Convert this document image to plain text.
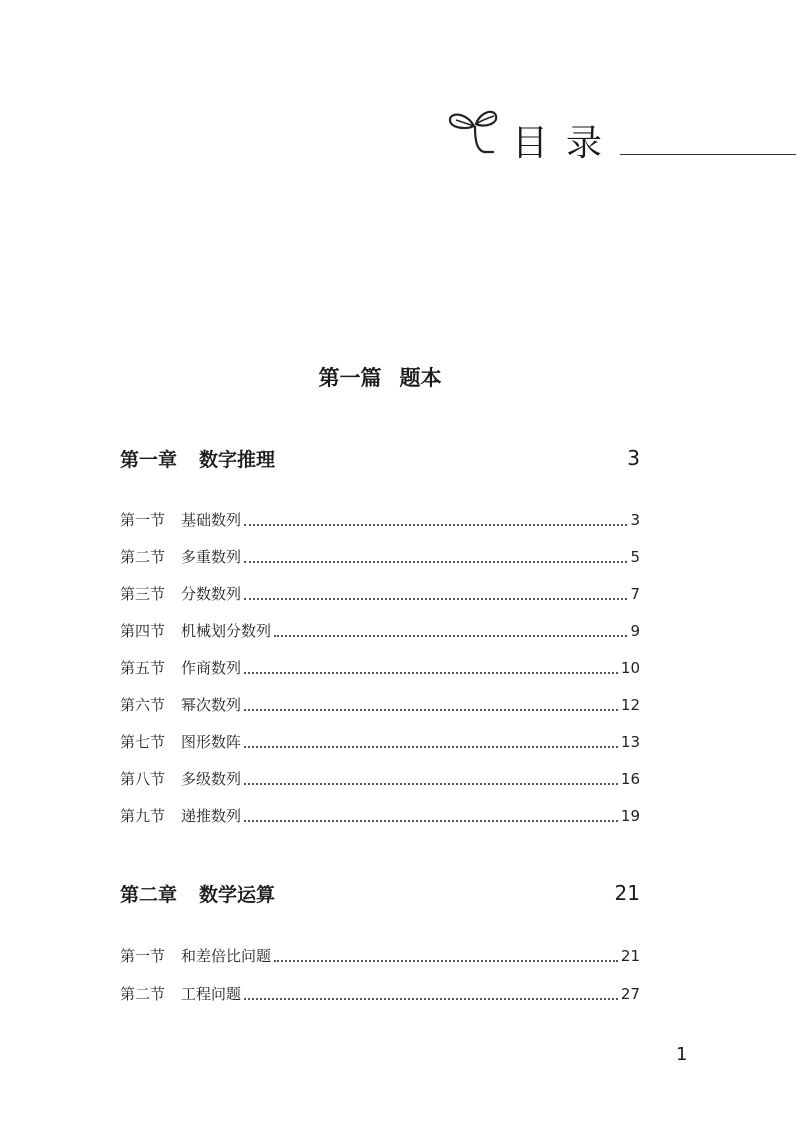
目录
第一篇 题本
第一章 数字推理	3
第一节 基础数列	3
第二节 多重数列	5
第三节 分数数列	7
第四节 机械划分数列	9
第五节 作商数列	10
第六节 幂次数列	12
第七节 图形数阵	13
第八节 多级数列	16
第九节 递推数列	19
第二章 数学运算	21
第一节 和差倍比问题	21
第二节 工程问题	27
1
